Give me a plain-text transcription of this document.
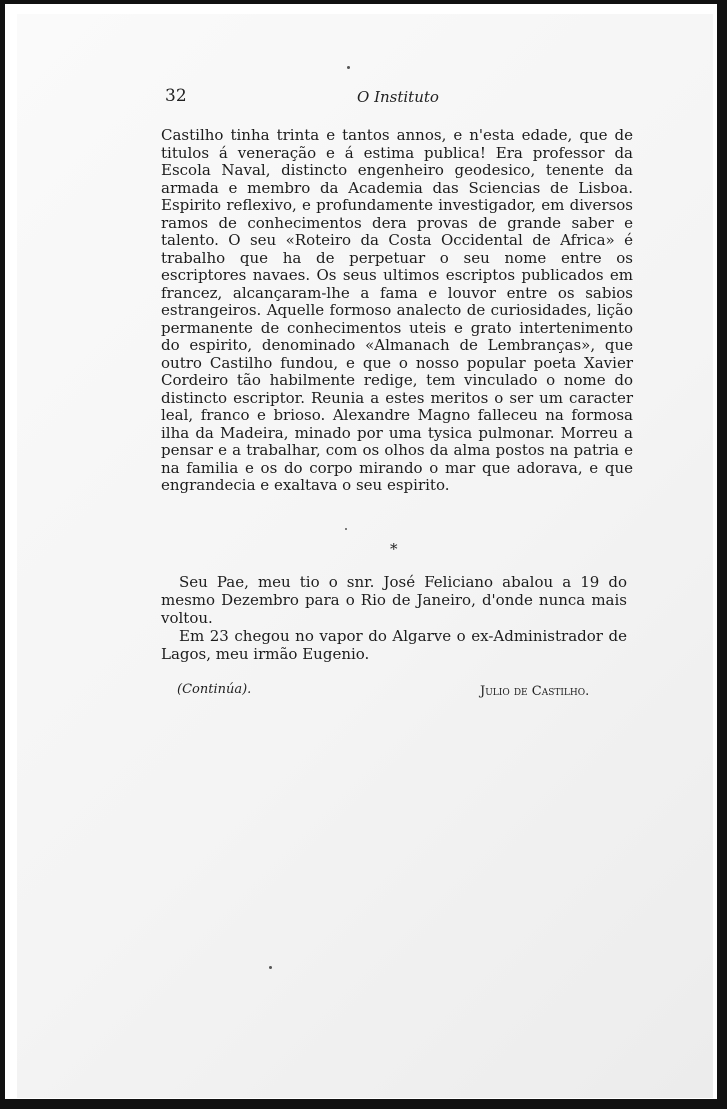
32	O Instituto

Castilho tinha trinta e tantos annos, e n'esta edade, que de titulos á veneração e á estima publica! Era professor da Escola Naval, distincto engenheiro geodesico, tenente da armada e membro da Academia das Sciencias de Lisboa. Espirito reflexivo, e profundamente investigador, em diversos ramos de conhecimentos dera provas de grande saber e talento. O seu «Roteiro da Costa Occidental de Africa» é trabalho que ha de perpetuar o seu nome entre os escriptores navaes. Os seus ultimos escriptos publicados em francez, alcançaram-lhe a fama e louvor entre os sabios estrangeiros. Aquelle formoso analecto de curiosidades, lição permanente de conhecimentos uteis e grato intertenimento do espirito, denominado «Almanach de Lembranças», que outro Castilho fundou, e que o nosso popular poeta Xavier Cordeiro tão habilmente redige, tem vinculado o nome do distincto escriptor. Reunia a estes meritos o ser um caracter leal, franco e brioso. Alexandre Magno falleceu na formosa ilha da Madeira, minado por uma tysica pulmonar. Morreu a pensar e a trabalhar, com os olhos da alma postos na patria e na familia e os do corpo mirando o mar que adorava, e que engrandecia e exaltava o seu espirito.

*

Seu Pae, meu tio o snr. José Feliciano abalou a 19 do mesmo Dezembro para o Rio de Janeiro, d'onde nunca mais voltou.

Em 23 chegou no vapor do Algarve o ex-Administrador de Lagos, meu irmão Eugenio.

(Continúa).	Julio de Castilho.
